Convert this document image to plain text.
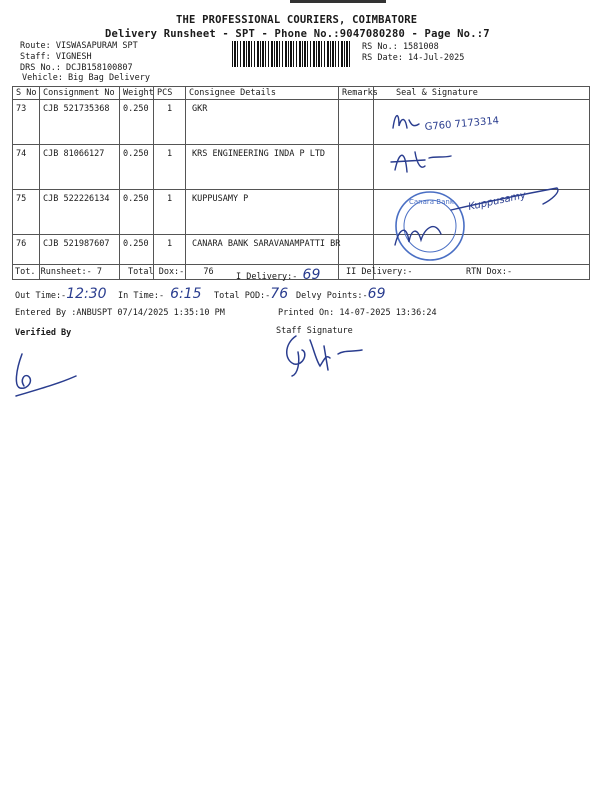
THE PROFESSIONAL COURIERS, COIMBATORE
Delivery Runsheet - SPT - Phone No.:9047080280 - Page No.:7
Route: VISWASAPURAM SPT
Staff: VIGNESH
DRS No.: DCJB158100807
Vehicle: Big Bag Delivery
RS No.: 1581008
RS Date: 14-Jul-2025
S No	Consignment No	Weight	PCS	Consignee Details	Remarks	Seal & Signature
73	CJB 521735368	0.250	1	GKR		
74	CJB 81066127	0.250	1	KRS ENGINEERING INDA P LTD		
75	CJB 522226134	0.250	1	KUPPUSAMY P		
76	CJB 521987607	0.250	1	CANARA BANK SARAVANAMPATTI BR		
G760 7173314
Kuppusamy
Canara Bank
Tot. Runsheet:- 7	Total Dox:- 76	I Delivery:- 69	II Delivery:-	RTN Dox:-
Out Time:-12:30 In Time:- 6:15 Total POD:-76 Delvy Points:-69
Entered By :ANBUSPT 07/14/2025 1:35:10 PM	Printed On: 14-07-2025 13:36:24
Verified By	Staff Signature
